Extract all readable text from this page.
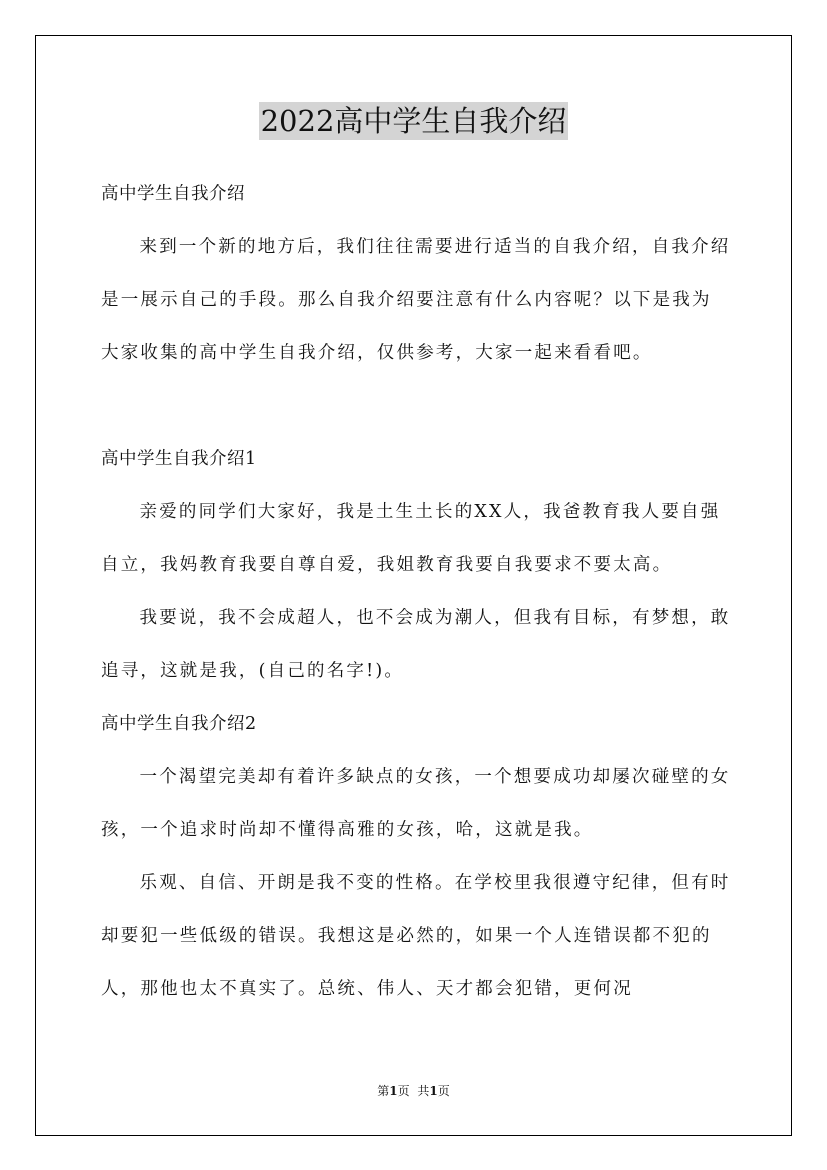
2022高中学生自我介绍

高中学生自我介绍

来到一个新的地方后，我们往往需要进行适当的自我介绍，自我介绍是一展示自己的手段。那么自我介绍要注意有什么内容呢？以下是我为大家收集的高中学生自我介绍，仅供参考，大家一起来看看吧。

高中学生自我介绍1

亲爱的同学们大家好，我是土生土长的XX人，我爸教育我人要自强自立，我妈教育我要自尊自爱，我姐教育我要自我要求不要太高。

我要说，我不会成超人，也不会成为潮人，但我有目标，有梦想，敢追寻，这就是我，(自己的名字!)。

高中学生自我介绍2

一个渴望完美却有着许多缺点的女孩，一个想要成功却屡次碰壁的女孩，一个追求时尚却不懂得高雅的女孩，哈，这就是我。

乐观、自信、开朗是我不变的性格。在学校里我很遵守纪律，但有时却要犯一些低级的错误。我想这是必然的，如果一个人连错误都不犯的人，那他也太不真实了。总统、伟人、天才都会犯错，更何况

第1页 共1页
